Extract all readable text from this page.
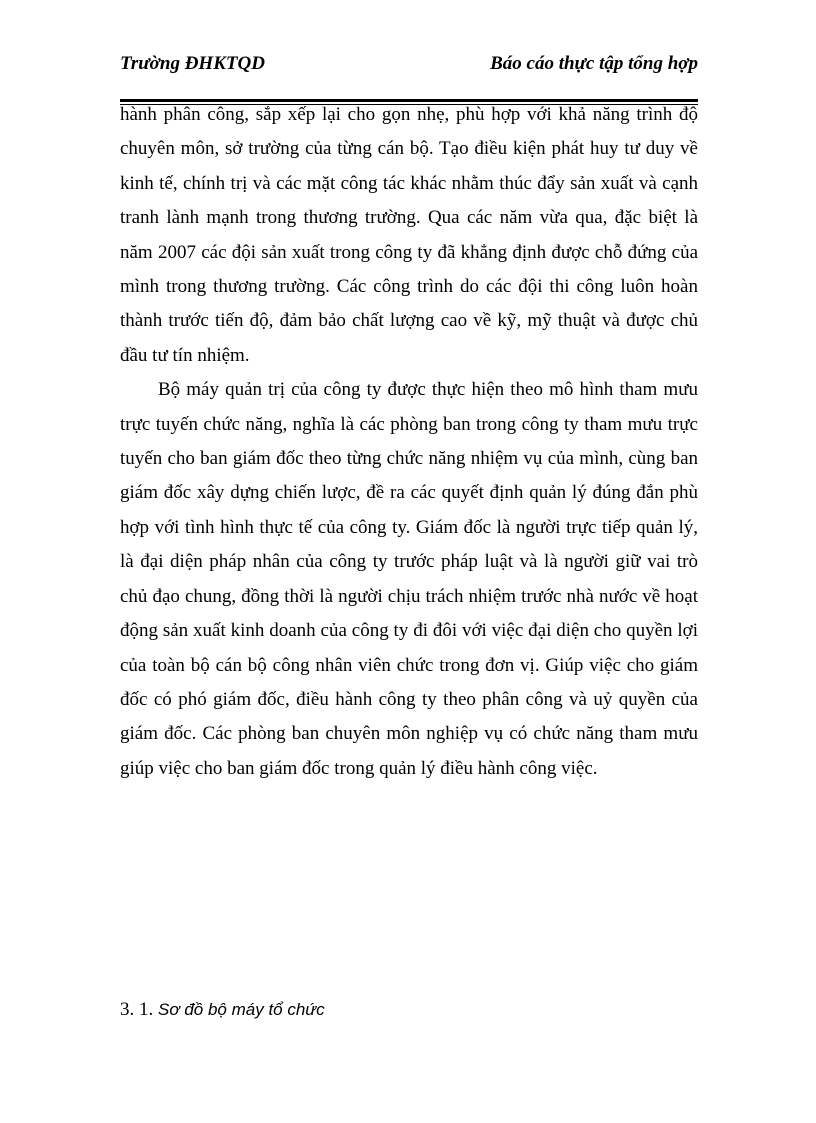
Trường ĐHKTQD	Báo cáo thực tập tổng hợp

hành phân công, sắp xếp lại cho gọn nhẹ, phù hợp với khả năng trình độ chuyên môn, sở trường của từng cán bộ. Tạo điều kiện phát huy tư duy về kinh tế, chính trị và các mặt công tác khác nhằm thúc đẩy sản xuất và cạnh tranh lành mạnh trong thương trường. Qua các năm vừa qua, đặc biệt là năm 2007 các đội sản xuất trong công ty đã khẳng định được chỗ đứng của mình trong thương trường. Các công trình do các đội thi công luôn hoàn thành trước tiến độ, đảm bảo chất lượng cao về kỹ, mỹ thuật và được chủ đầu tư tín nhiệm.

Bộ máy quản trị của công ty được thực hiện theo mô hình tham mưu trực tuyến chức năng, nghĩa là các phòng ban trong công ty tham mưu trực tuyến cho ban giám đốc theo từng chức năng nhiệm vụ của mình, cùng ban giám đốc xây dựng chiến lược, đề ra các quyết định quản lý đúng đắn phù hợp với tình hình thực tế của công ty. Giám đốc là người trực tiếp quản lý, là đại diện pháp nhân của công ty trước pháp luật và là người giữ vai trò chủ đạo chung, đồng thời là người chịu trách nhiệm trước nhà nước về hoạt động sản xuất kinh doanh của công ty đi đôi với việc đại diện cho quyền lợi của toàn bộ cán bộ công nhân viên chức trong đơn vị. Giúp việc cho giám đốc có phó giám đốc, điều hành công ty theo phân công và uỷ quyền của giám đốc. Các phòng ban chuyên môn nghiệp vụ có chức năng tham mưu giúp việc cho ban giám đốc trong quản lý điều hành công việc.

3. 1. Sơ đồ bộ máy tổ chức
